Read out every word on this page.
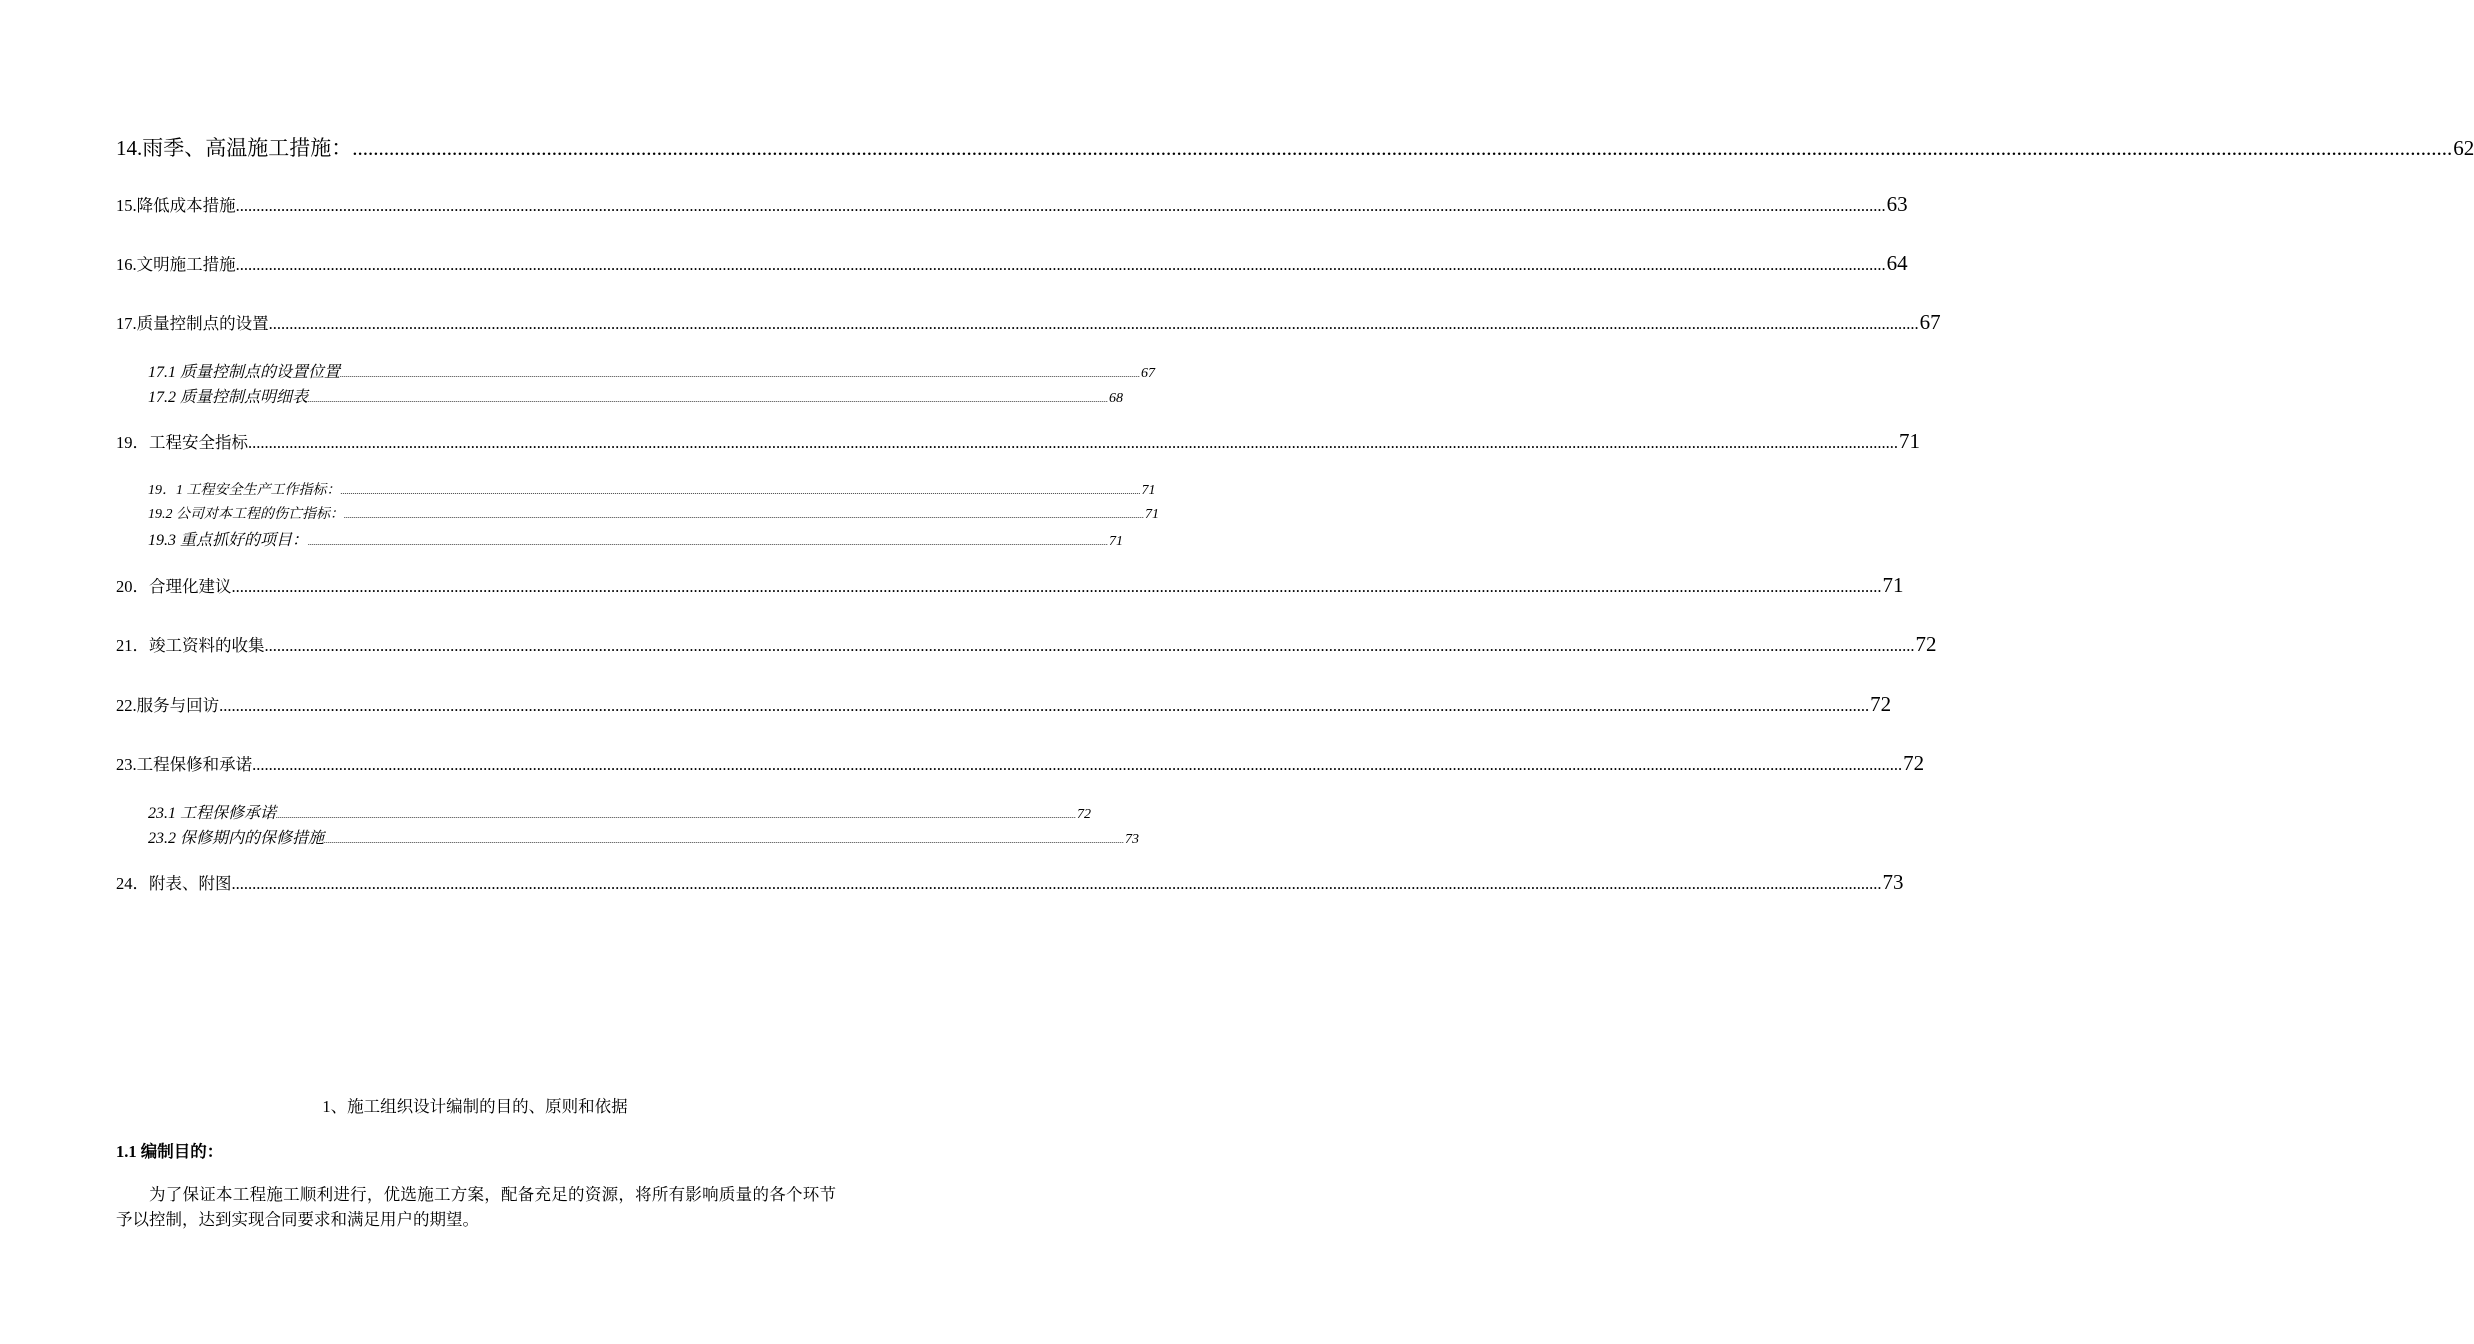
14.雨季、高温施工措施： ................................................................................................................................................................................................................................................................................................................................................................................................................ 62
15.降低成本措施 ................................................................................................................................................................................................................................................................................................................................................................................................................ 63
16.文明施工措施 ................................................................................................................................................................................................................................................................................................................................................................................................................ 64
17.质量控制点的设置 ................................................................................................................................................................................................................................................................................................................................................................................................................ 67
17.1 质量控制点的设置位置 ................................................................................................................................................................................................................................................................................................................................................................................................................ 67
17.2 质量控制点明细表 ................................................................................................................................................................................................................................................................................................................................................................................................................ 68
19．工程安全指标 ................................................................................................................................................................................................................................................................................................................................................................................................................ 71
19．1 工程安全生产工作指标： ................................................................................................................................................................................................................................................................................................................................................................................................................ 71
19.2 公司对本工程的伤亡指标： ................................................................................................................................................................................................................................................................................................................................................................................................................ 71
19.3 重点抓好的项目： ................................................................................................................................................................................................................................................................................................................................................................................................................ 71
20．合理化建议 ................................................................................................................................................................................................................................................................................................................................................................................................................ 71
21．竣工资料的收集 ................................................................................................................................................................................................................................................................................................................................................................................................................ 72
22.服务与回访 ................................................................................................................................................................................................................................................................................................................................................................................................................ 72
23.工程保修和承诺 ................................................................................................................................................................................................................................................................................................................................................................................................................ 72
23.1 工程保修承诺 ................................................................................................................................................................................................................................................................................................................................................................................................................ 72
23.2 保修期内的保修措施 ................................................................................................................................................................................................................................................................................................................................................................................................................ 73
24．附表、附图 ................................................................................................................................................................................................................................................................................................................................................................................................................ 73
1、施工组织设计编制的目的、原则和依据
1.1 编制目的：
为了保证本工程施工顺利进行，优选施工方案，配备充足的资源，将所有影响质量的各个环节予以控制，达到实现合同要求和满足用户的期望。
